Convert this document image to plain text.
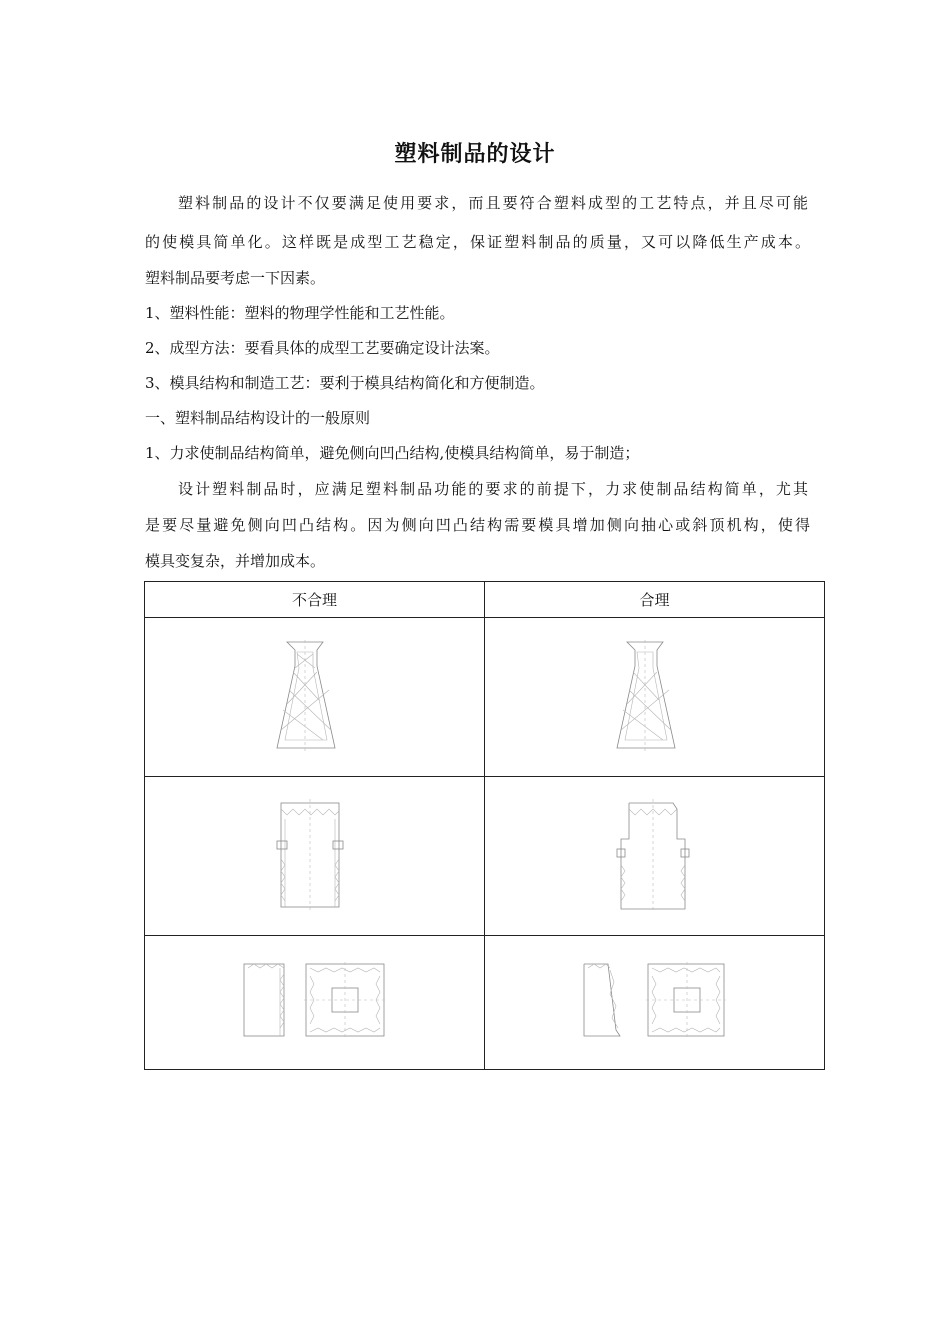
塑料制品的设计
塑料制品的设计不仅要满足使用要求，而且要符合塑料成型的工艺特点，并且尽可能
的使模具简单化。这样既是成型工艺稳定，保证塑料制品的质量，又可以降低生产成本。
塑料制品要考虑一下因素。
1、塑料性能：塑料的物理学性能和工艺性能。
2、成型方法：要看具体的成型工艺要确定设计法案。
3、模具结构和制造工艺：要利于模具结构简化和方便制造。
一、塑料制品结构设计的一般原则
1、力求使制品结构简单，避免侧向凹凸结构,使模具结构简单，易于制造；
设计塑料制品时，应满足塑料制品功能的要求的前提下，力求使制品结构简单，尤其
是要尽量避免侧向凹凸结构。因为侧向凹凸结构需要模具增加侧向抽心或斜顶机构，使得
模具变复杂，并增加成本。
不合理	合理
